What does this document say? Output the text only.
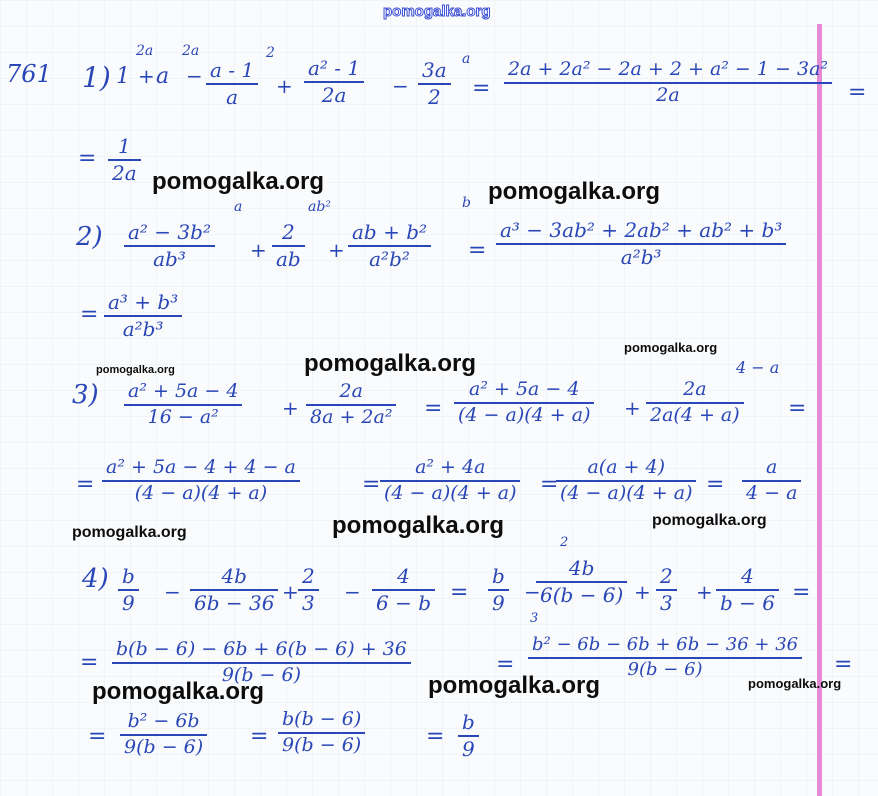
pomogalka.org
761 1)
2a 2a	2	a
1 + a − a - 1
a +
a² - 1
2a −
3a
2 =
2a + 2a² − 2a + 2 + a² − 1 − 3a²
2a	=
= 1
2a
2)
a	ab²	b
a² − 3b²
ab³	+
2
ab +
ab + b²
a²b²	=
a³ − 3ab² + 2ab² + ab² + b³
a²b³
= a³ + b³
a²b³
3)
4 − a
a² + 5a − 4
16 − a²	+
2a
8a + 2a² =
a² + 5a − 4
(4 − a)(4 + a) +
2a
2a(4 + a) =
=
a² + 5a − 4 + 4 − a
(4 − a)(4 + a)	=
a² + 4a
(4 − a)(4 + a) =
a(a + 4)
(4 − a)(4 + a) =
a
4 − a
4)
2
3
b
9 −
4b
6b − 36 +
2
3 −
4
6 − b =
b
9 −
4b
6(b − 6) +
2
3 +
4
b − 6 =
=
b(b − 6) − 6b + 6(b − 6) + 36
9(b − 6)	=
b² − 6b − 6b + 6b − 36 + 36
9(b − 6)	=
=
b² − 6b
9(b − 6) =
b(b − 6)
9(b − 6)	=
b
9
pomogalka.org	pomogalka.org
pomogalka.org
pomogalka.org
pomogalka.org
pomogalka.org	pomogalka.org	pomogalka.org
pomogalka.org	pomogalka.org	pomogalka.org
